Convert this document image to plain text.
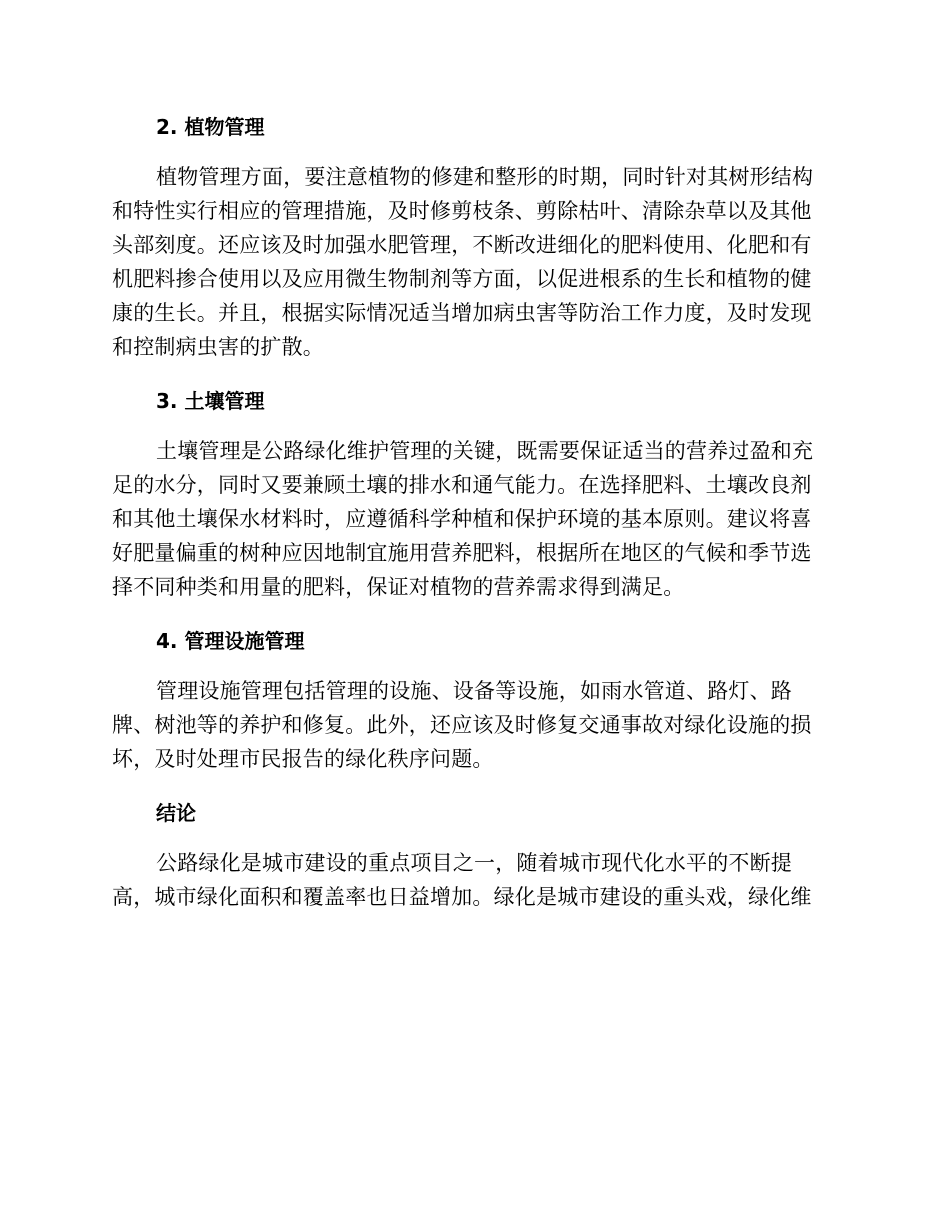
2. 植物管理

植物管理方面，要注意植物的修建和整形的时期，同时针对其树形结构和特性实行相应的管理措施，及时修剪枝条、剪除枯叶、清除杂草以及其他头部刻度。还应该及时加强水肥管理，不断改进细化的肥料使用、化肥和有机肥料掺合使用以及应用微生物制剂等方面，以促进根系的生长和植物的健康的生长。并且，根据实际情况适当增加病虫害等防治工作力度，及时发现和控制病虫害的扩散。

3. 土壤管理

土壤管理是公路绿化维护管理的关键，既需要保证适当的营养过盈和充足的水分，同时又要兼顾土壤的排水和通气能力。在选择肥料、土壤改良剂和其他土壤保水材料时，应遵循科学种植和保护环境的基本原则。建议将喜好肥量偏重的树种应因地制宜施用营养肥料，根据所在地区的气候和季节选择不同种类和用量的肥料，保证对植物的营养需求得到满足。

4. 管理设施管理

管理设施管理包括管理的设施、设备等设施，如雨水管道、路灯、路牌、树池等的养护和修复。此外，还应该及时修复交通事故对绿化设施的损坏，及时处理市民报告的绿化秩序问题。

结论

公路绿化是城市建设的重点项目之一，随着城市现代化水平的不断提高，城市绿化面积和覆盖率也日益增加。绿化是城市建设的重头戏，绿化维
